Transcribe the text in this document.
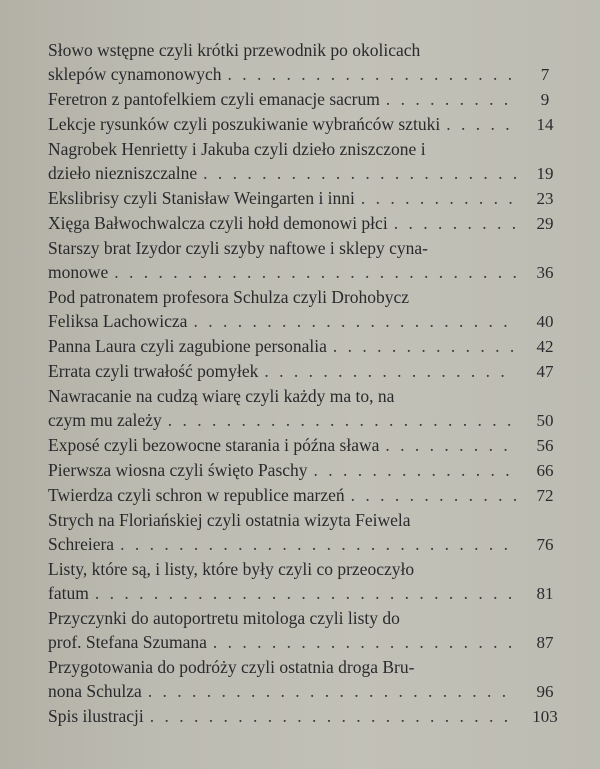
Słowo wstępne czyli krótki przewodnik po okolicach
sklepów cynamonowych . . .	7
Feretron z pantofelkiem czyli emanacje sacrum . . .	9
Lekcje rysunków czyli poszukiwanie wybrańców sztuki . . .	14
Nagrobek Henrietty i Jakuba czyli dzieło zniszczone i
dzieło niezniszczalne . . .	19
Ekslibrisy czyli Stanisław Weingarten i inni . . .	23
Xięga Bałwochwalcza czyli hołd demonowi płci . . .	29
Starszy brat Izydor czyli szyby naftowe i sklepy cyna-
monowe . . .	36
Pod patronatem profesora Schulza czyli Drohobycz
Feliksa Lachowicza . . .	40
Panna Laura czyli zagubione personalia . . .	42
Errata czyli trwałość pomyłek . . .	47
Nawracanie na cudzą wiarę czyli każdy ma to, na
czym mu zależy . . .	50
Exposé czyli bezowocne starania i późna sława . . .	56
Pierwsza wiosna czyli święto Paschy . . .	66
Twierdza czyli schron w republice marzeń . . .	72
Strych na Floriańskiej czyli ostatnia wizyta Feiwela
Schreiera . . .	76
Listy, które są, i listy, które były czyli co przeoczyło
fatum . . .	81
Przyczynki do autoportretu mitologa czyli listy do
prof. Stefana Szumana . . .	87
Przygotowania do podróży czyli ostatnia droga Bru-
nona Schulza . . .	96
Spis ilustracji . . .	103
